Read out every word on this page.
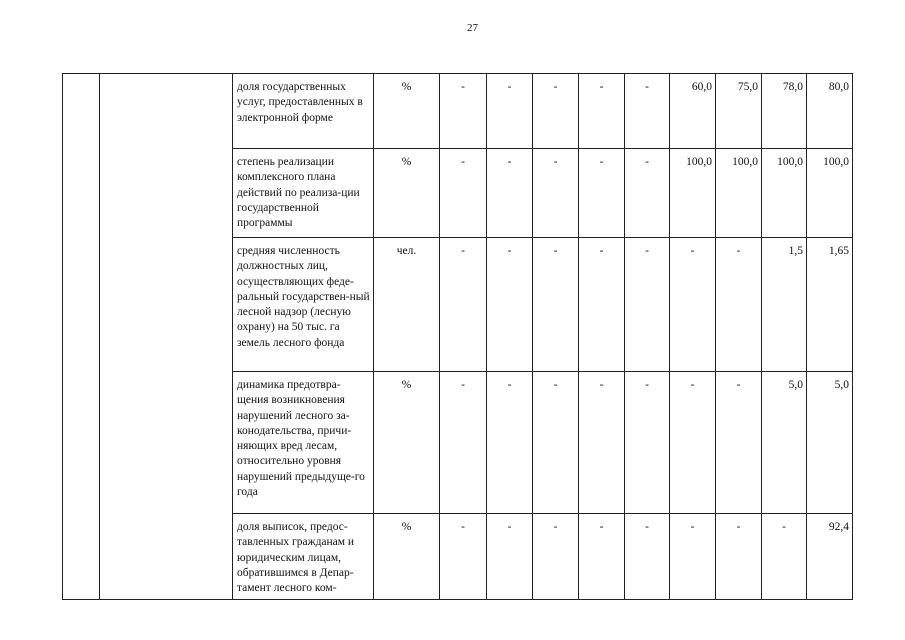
27
		доля государственных услуг, предоставленных в электронной форме	%	-	-	-	-	-	60,0	75,0	78,0	80,0
		степень реализации комплексного плана действий по реализа-ции государственной программы	%	-	-	-	-	-	100,0	100,0	100,0	100,0
		средняя численность должностных лиц, осуществляющих феде-ральный государствен-ный лесной надзор (лесную охрану) на 50 тыс. га земель лесного фонда	чел.	-	-	-	-	-	-	-	1,5	1,65
		динамика предотвра-щения возникновения нарушений лесного за-конодательства, причи-няющих вред лесам, относительно уровня нарушений предыдуще-го года	%	-	-	-	-	-	-	-	5,0	5,0
		доля выписок, предос-тавленных гражданам и юридическим лицам, обратившимся в Депар-тамент лесного ком-	%	-	-	-	-	-	-	-	-	92,4
